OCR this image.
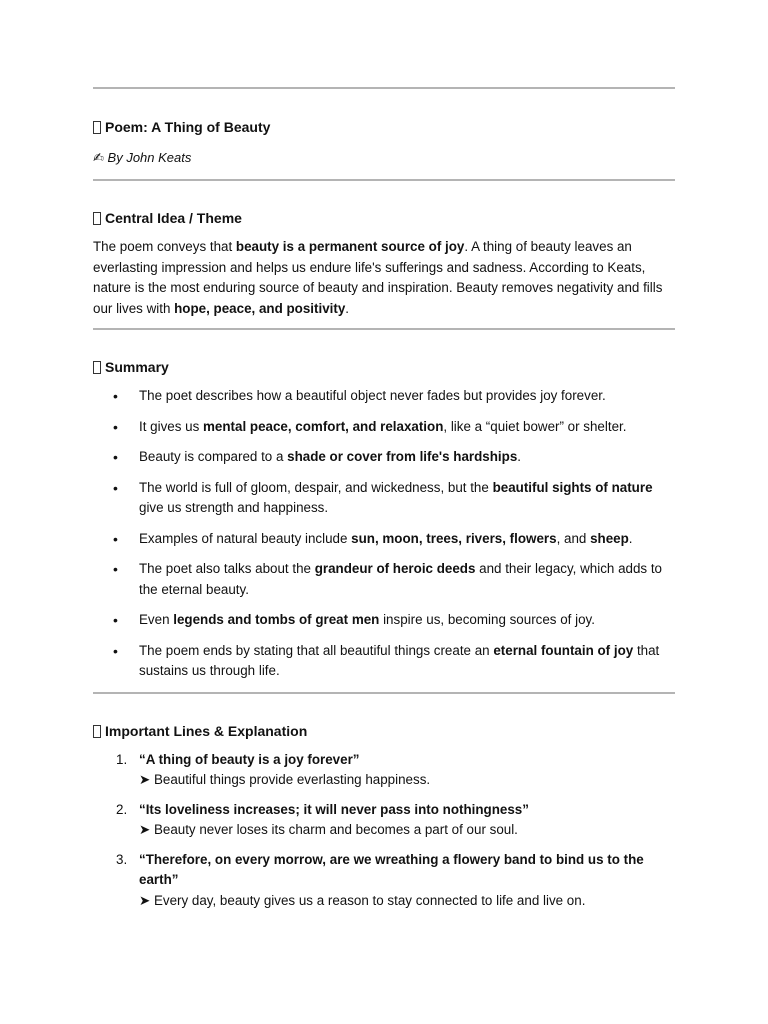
Poem: A Thing of Beauty
✍ By John Keats
Central Idea / Theme

The poem conveys that beauty is a permanent source of joy. A thing of beauty leaves an everlasting impression and helps us endure life's sufferings and sadness. According to Keats, nature is the most enduring source of beauty and inspiration. Beauty removes negativity and fills our lives with hope, peace, and positivity.

Summary
• The poet describes how a beautiful object never fades but provides joy forever.
• It gives us mental peace, comfort, and relaxation, like a “quiet bower” or shelter.
• Beauty is compared to a shade or cover from life's hardships.
• The world is full of gloom, despair, and wickedness, but the beautiful sights of nature give us strength and happiness.
• Examples of natural beauty include sun, moon, trees, rivers, flowers, and sheep.
• The poet also talks about the grandeur of heroic deeds and their legacy, which adds to the eternal beauty.
• Even legends and tombs of great men inspire us, becoming sources of joy.
• The poem ends by stating that all beautiful things create an eternal fountain of joy that sustains us through life.
Important Lines & Explanation
1. “A thing of beauty is a joy forever”
➤ Beautiful things provide everlasting happiness.
2. “Its loveliness increases; it will never pass into nothingness”
➤ Beauty never loses its charm and becomes a part of our soul.
3. “Therefore, on every morrow, are we wreathing a flowery band to bind us to the earth”
➤ Every day, beauty gives us a reason to stay connected to life and live on.
